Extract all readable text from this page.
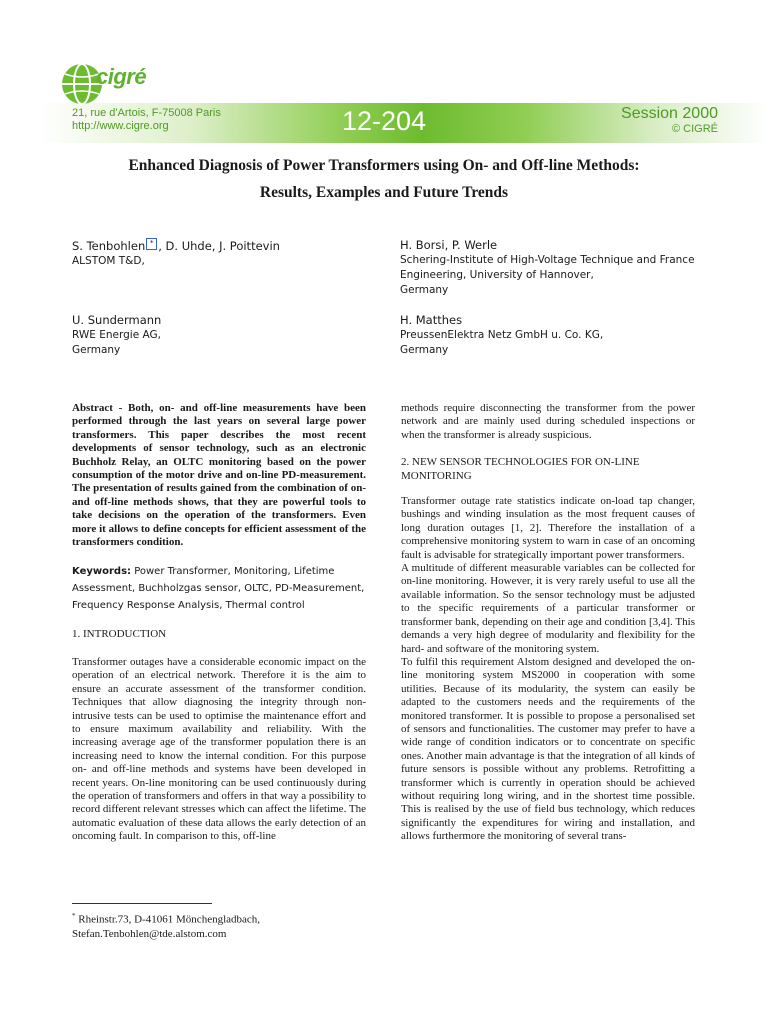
cigré
21, rue d'Artois, F-75008 Paris
http://www.cigre.org	12-204	Session 2000
© CIGRÉ
Enhanced Diagnosis of Power Transformers using On- and Off-line Methods:
Results, Examples and Future Trends
S. Tenbohlen * , D. Uhde, J. Poittevin
ALSTOM T&D,
H. Borsi, P. Werle
Schering-Institute of High-Voltage Technique and France
Engineering, University of Hannover,
Germany
U. Sundermann
RWE Energie AG,
Germany
H. Matthes
PreussenElektra Netz GmbH u. Co. KG,
Germany

Abstract - Both, on- and off-line measurements have been performed through the last years on several large power transformers. This paper describes the most recent developments of sensor technology, such as an electronic Buchholz Relay, an OLTC monitoring based on the power consumption of the motor drive and on-line PD-measurement. The presentation of results gained from the combination of on- and off-line methods shows, that they are powerful tools to take decisions on the operation of the transformers. Even more it allows to define concepts for efficient assessment of the transformers condition.

Keywords: Power Transformer, Monitoring, Lifetime Assessment, Buchholzgas sensor, OLTC, PD-Measurement, Frequency Response Analysis, Thermal control

1. INTRODUCTION

Transformer outages have a considerable economic impact on the operation of an electrical network. Therefore it is the aim to ensure an accurate assessment of the transformer condition. Techniques that allow diagnosing the integrity through non-intrusive tests can be used to optimise the maintenance effort and to ensure maximum availability and reliability. With the increasing average age of the transformer population there is an increasing need to know the internal condition. For this purpose on- and off-line methods and systems have been developed in recent years. On-line monitoring can be used continuously during the operation of transformers and offers in that way a possibility to record different relevant stresses which can affect the lifetime. The automatic evaluation of these data allows the early detection of an oncoming fault. In comparison to this, off-line

methods require disconnecting the transformer from the power network and are mainly used during scheduled inspections or when the transformer is already suspicious.

2. NEW SENSOR TECHNOLOGIES FOR ON-LINE MONITORING

Transformer outage rate statistics indicate on-load tap changer, bushings and winding insulation as the most frequent causes of long duration outages [1, 2]. Therefore the installation of a comprehensive monitoring system to warn in case of an oncoming fault is advisable for strategically important power transformers.

A multitude of different measurable variables can be collected for on-line monitoring. However, it is very rarely useful to use all the available information. So the sensor technology must be adjusted to the specific requirements of a particular transformer or transformer bank, depending on their age and condition [3,4]. This demands a very high degree of modularity and flexibility for the hard- and software of the monitoring system.

To fulfil this requirement Alstom designed and developed the on-line monitoring system MS2000 in cooperation with some utilities. Because of its modularity, the system can easily be adapted to the customers needs and the requirements of the monitored transformer. It is possible to propose a personalised set of sensors and functionalities. The customer may prefer to have a wide range of condition indicators or to concentrate on specific ones. Another main advantage is that the integration of all kinds of future sensors is possible without any problems. Retrofitting a transformer which is currently in operation should be achieved without requiring long wiring, and in the shortest time possible. This is realised by the use of field bus technology, which reduces significantly the expenditures for wiring and installation, and allows furthermore the monitoring of several trans-

* Rheinstr.73, D-41061 Mönchengladbach,
Stefan.Tenbohlen@tde.alstom.com
